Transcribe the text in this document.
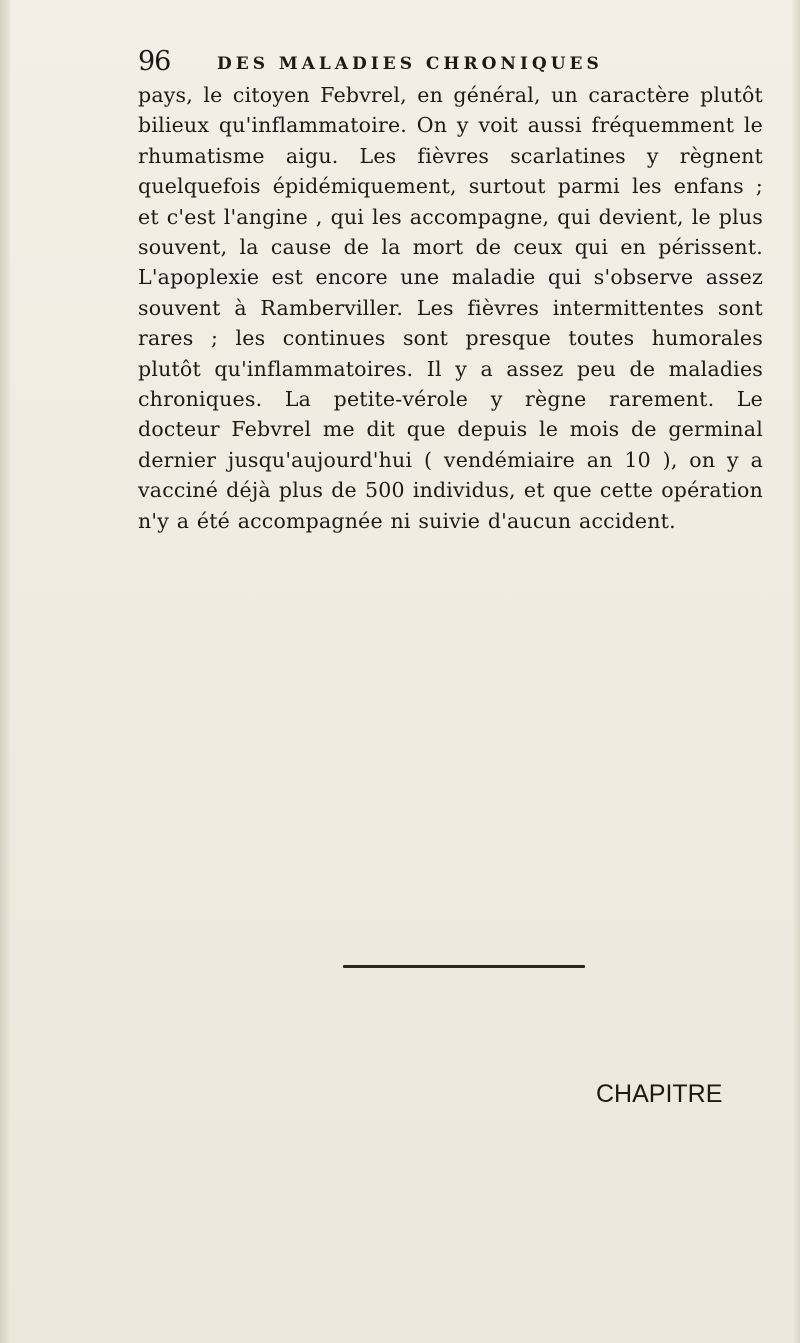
96	DES MALADIES CHRONIQUES

pays, le citoyen Febvrel, en général, un caractère plutôt bilieux qu'inflammatoire. On y voit aussi fréquemment le rhumatisme aigu. Les fièvres scarlatines y règnent quelquefois épidémiquement, surtout parmi les enfans ; et c'est l'angine , qui les accompagne, qui devient, le plus souvent, la cause de la mort de ceux qui en périssent. L'apoplexie est encore une maladie qui s'observe assez souvent à Ramberviller. Les fièvres intermittentes sont rares ; les continues sont presque toutes humorales plutôt qu'inflammatoires. Il y a assez peu de maladies chroniques. La petite-vérole y règne rarement. Le docteur Febvrel me dit que depuis le mois de germinal dernier jusqu'aujourd'hui ( vendémiaire an 10 ), on y a vacciné déjà plus de 500 individus, et que cette opération n'y a été accompagnée ni suivie d'aucun accident.

CHAPITRE
